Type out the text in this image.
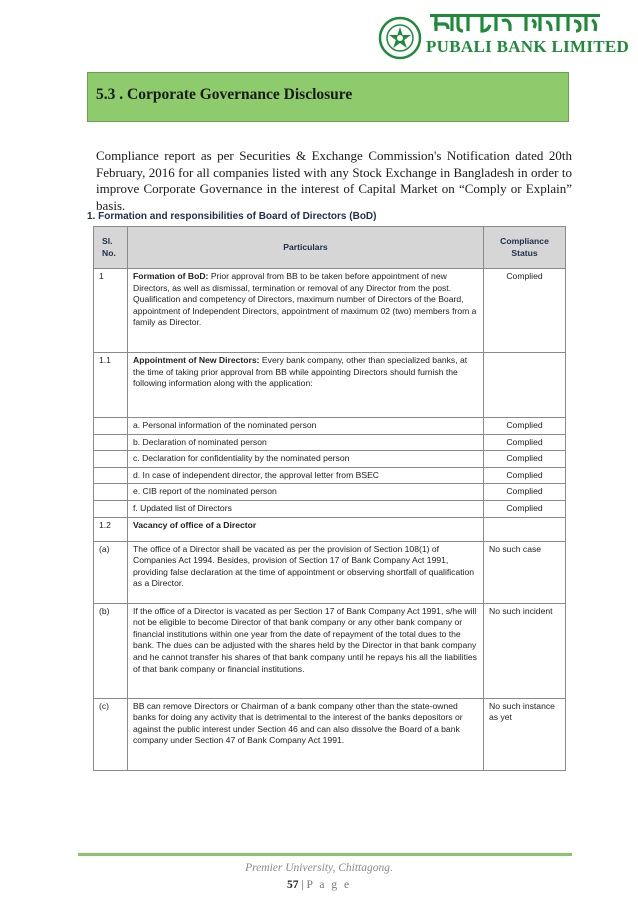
PUBALI BANK LIMITED
5.3 . Corporate Governance Disclosure
Compliance report as per Securities & Exchange Commission's Notification dated 20th February, 2016 for all companies listed with any Stock Exchange in Bangladesh in order to improve Corporate Governance in the interest of Capital Market on “Comply or Explain” basis.
1. Formation and responsibilities of Board of Directors (BoD)
Sl. No.	Particulars	Compliance Status
1	Formation of BoD: Prior approval from BB to be taken before appointment of new Directors, as well as dismissal, termination or removal of any Director from the post. Qualification and competency of Directors, maximum number of Directors of the Board, appointment of Independent Directors, appointment of maximum 02 (two) members from a family as Director.	Complied
1.1	Appointment of New Directors: Every bank company, other than specialized banks, at the time of taking prior approval from BB while appointing Directors should furnish the following information along with the application:	
	a. Personal information of the nominated person	Complied
	b. Declaration of nominated person	Complied
	c. Declaration for confidentiality by the nominated person	Complied
	d. In case of independent director, the approval letter from BSEC	Complied
	e. CIB report of the nominated person	Complied
	f. Updated list of Directors	Complied
1.2	Vacancy of office of a Director	
(a)	The office of a Director shall be vacated as per the provision of Section 108(1) of Companies Act 1994. Besides, provision of Section 17 of Bank Company Act 1991, providing false declaration at the time of appointment or observing shortfall of qualification as a Director.	No such case
(b)	If the office of a Director is vacated as per Section 17 of Bank Company Act 1991, s/he will not be eligible to become Director of that bank company or any other bank company or financial institutions within one year from the date of repayment of the total dues to the bank. The dues can be adjusted with the shares held by the Director in that bank company and he cannot transfer his shares of that bank company until he repays his all the liabilities of that bank company or financial institutions.	No such incident
(c)	BB can remove Directors or Chairman of a bank company other than the state-owned banks for doing any activity that is detrimental to the interest of the banks depositors or against the public interest under Section 46 and can also dissolve the Board of a bank company under Section 47 of Bank Company Act 1991.	No such instance as yet
Premier University, Chittagong.
57 | P a g e
